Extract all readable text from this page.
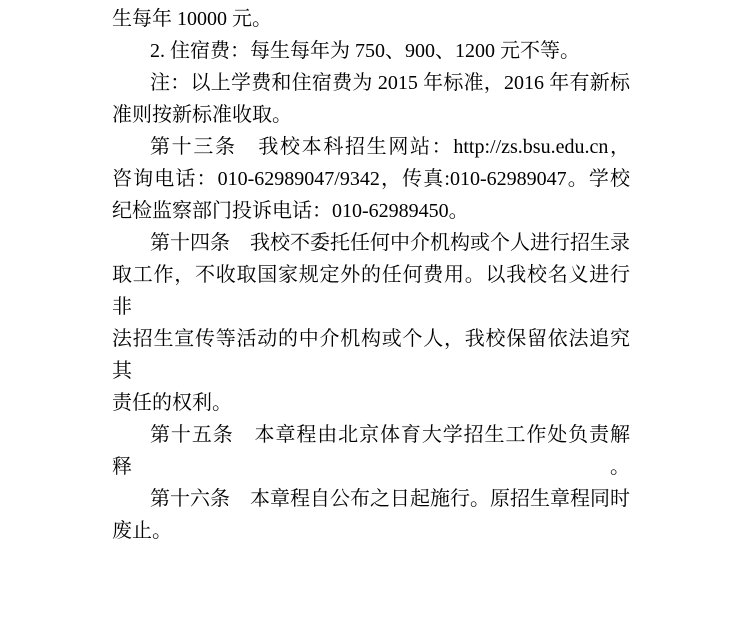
生每年 10000 元。
2. 住宿费：每生每年为 750、900、1200 元不等。
注：以上学费和住宿费为 2015 年标准，2016 年有新标
准则按新标准收取。
第十三条　我校本科招生网站：http://zs.bsu.edu.cn，
咨询电话：010-62989047/9342，传真:010-62989047。学校
纪检监察部门投诉电话：010-62989450。
第十四条　我校不委托任何中介机构或个人进行招生录
取工作，不收取国家规定外的任何费用。以我校名义进行非
法招生宣传等活动的中介机构或个人，我校保留依法追究其
责任的权利。
第十五条　本章程由北京体育大学招生工作处负责解释。
第十六条　本章程自公布之日起施行。原招生章程同时
废止。
